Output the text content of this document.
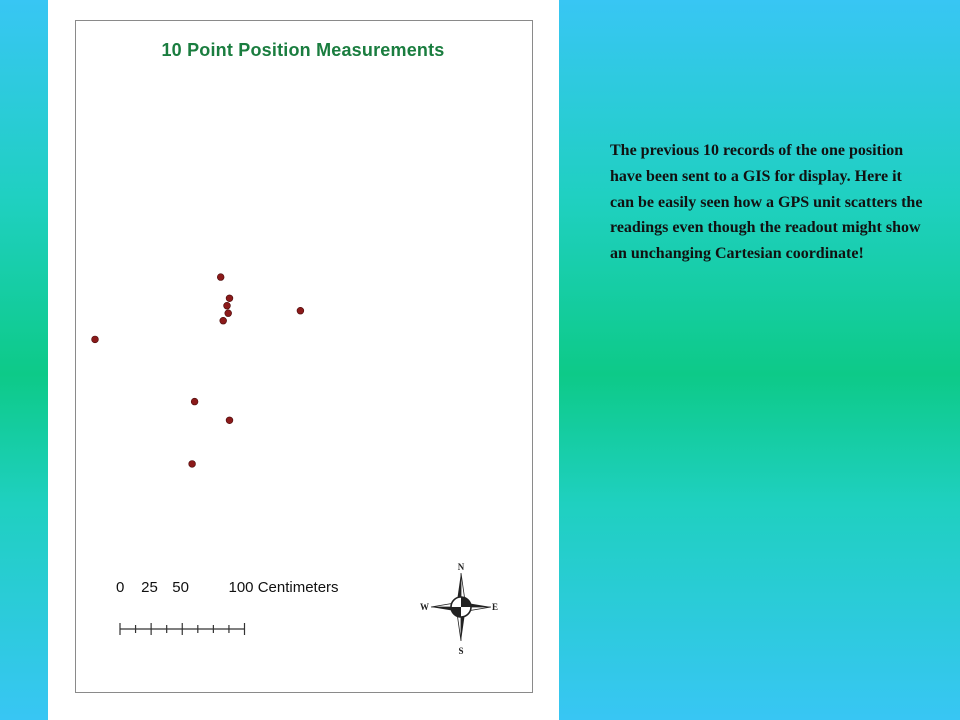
10 Point Position Measurements
N
S
E
W
0 25 50	100 Centimeters
The previous 10 records of the one position have been sent to a GIS for display. Here it can be easily seen how a GPS unit scatters the readings even though the readout might show an unchanging Cartesian coordinate!
